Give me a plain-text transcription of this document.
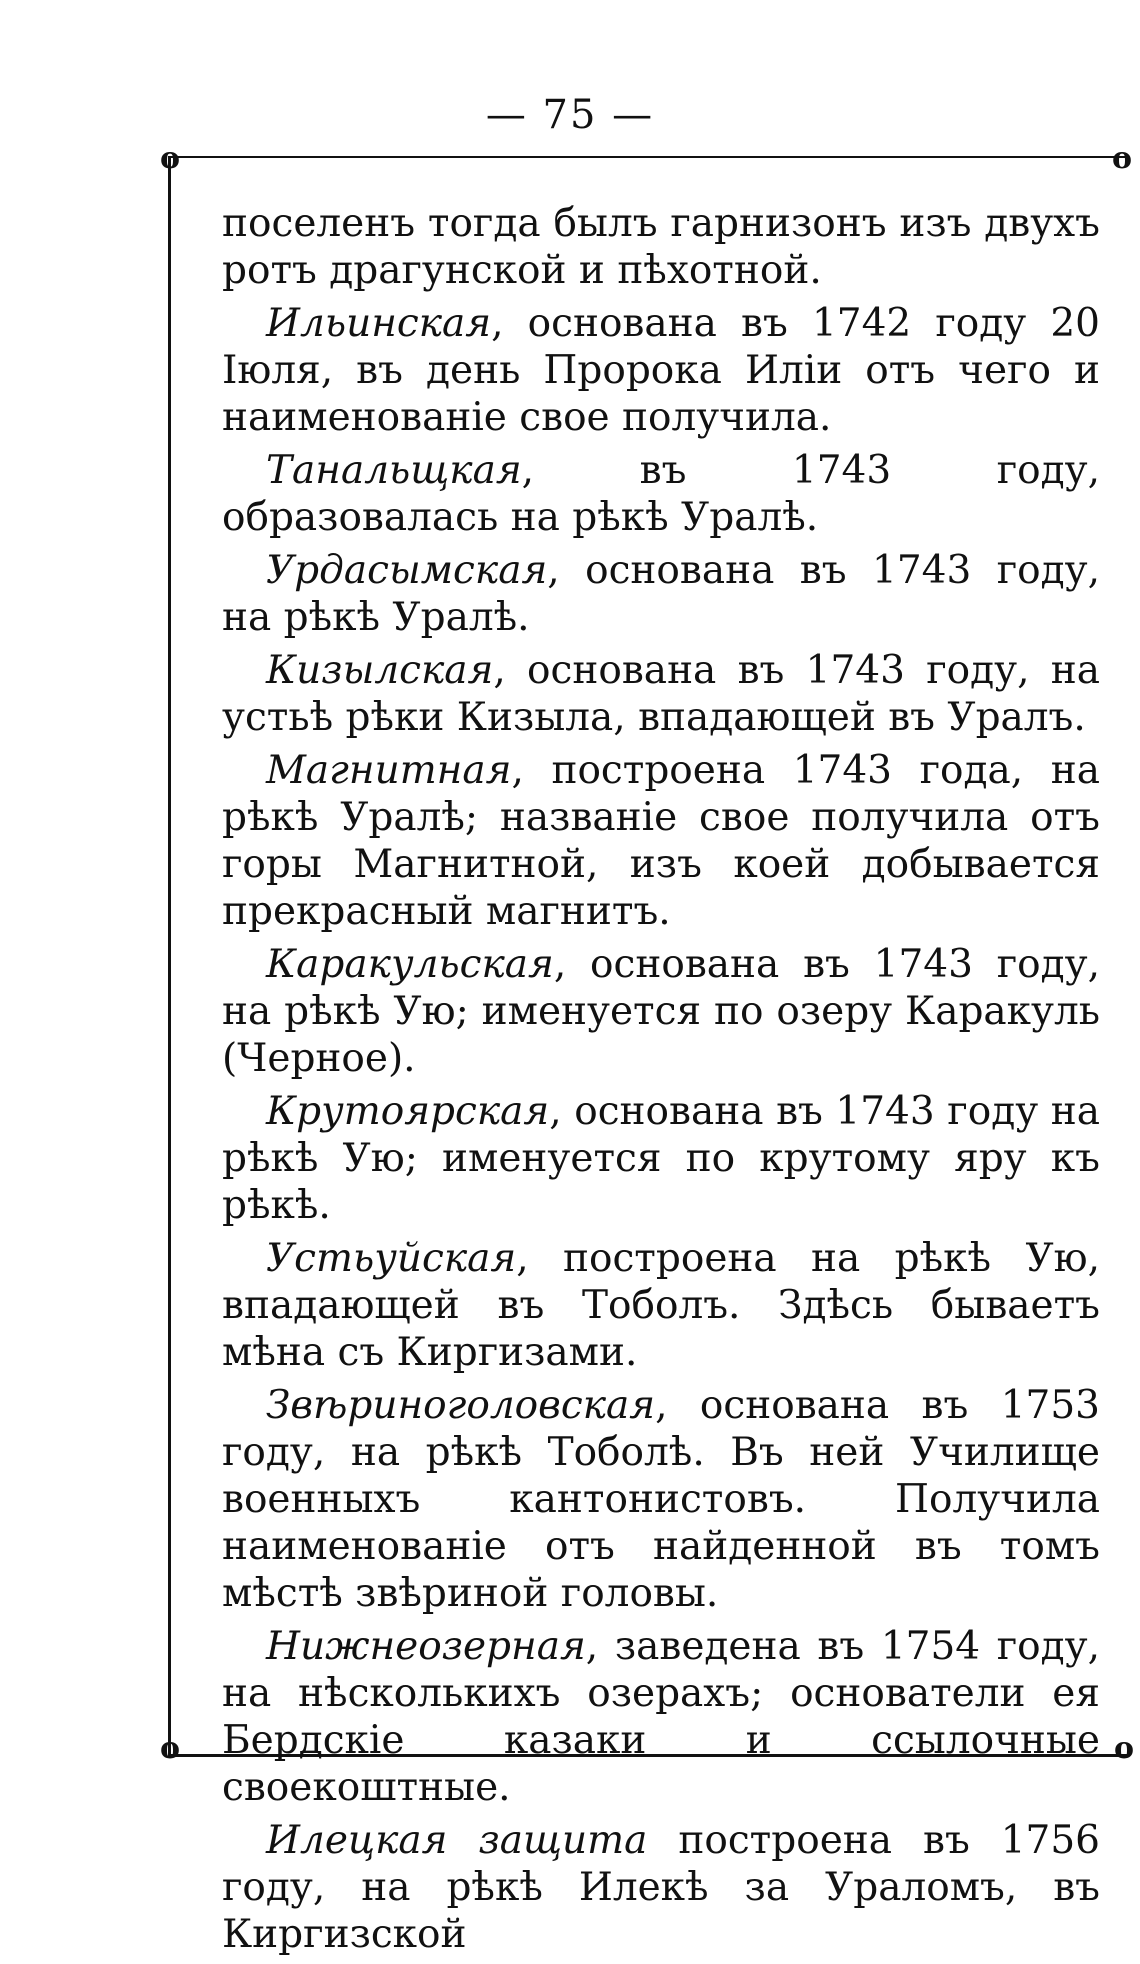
— 75 —
o	o
o	o

поселенъ тогда былъ гарнизонъ изъ двухъ ротъ драгунской и пѣхотной.

Ильинская, основана въ 1742 году 20 Іюля, въ день Пророка Иліи отъ чего и наименованіе свое получила.

Танальщкая, въ 1743 году, образовалась на рѣкѣ Уралѣ.

Урдасымская, основана въ 1743 году, на рѣкѣ Уралѣ.

Кизылская, основана въ 1743 году, на устьѣ рѣки Кизыла, впадающей въ Уралъ.

Магнитная, построена 1743 года, на рѣкѣ Уралѣ; названіе свое получила отъ горы Магнитной, изъ коей добывается прекрасный магнитъ.

Каракульская, основана въ 1743 году, на рѣкѣ Ую; именуется по озеру Каракуль (Черное).

Крутоярская, основана въ 1743 году на рѣкѣ Ую; именуется по крутому яру къ рѣкѣ.

Устьуйская, построена на рѣкѣ Ую, впадающей въ Тоболъ. Здѣсь бываетъ мѣна съ Киргизами.

Звѣриноголовская, основана въ 1753 году, на рѣкѣ Тоболѣ. Въ ней Училище военныхъ кантонистовъ. Получила наименованіе отъ найденной въ томъ мѣстѣ звѣриной головы.

Нижнеозерная, заведена въ 1754 году, на нѣсколькихъ озерахъ; основатели ея Бердскіе казаки и ссылочные своекоштные.

Илецкая защита построена въ 1756 году, на рѣкѣ Илекѣ за Ураломъ, въ Киргизской
